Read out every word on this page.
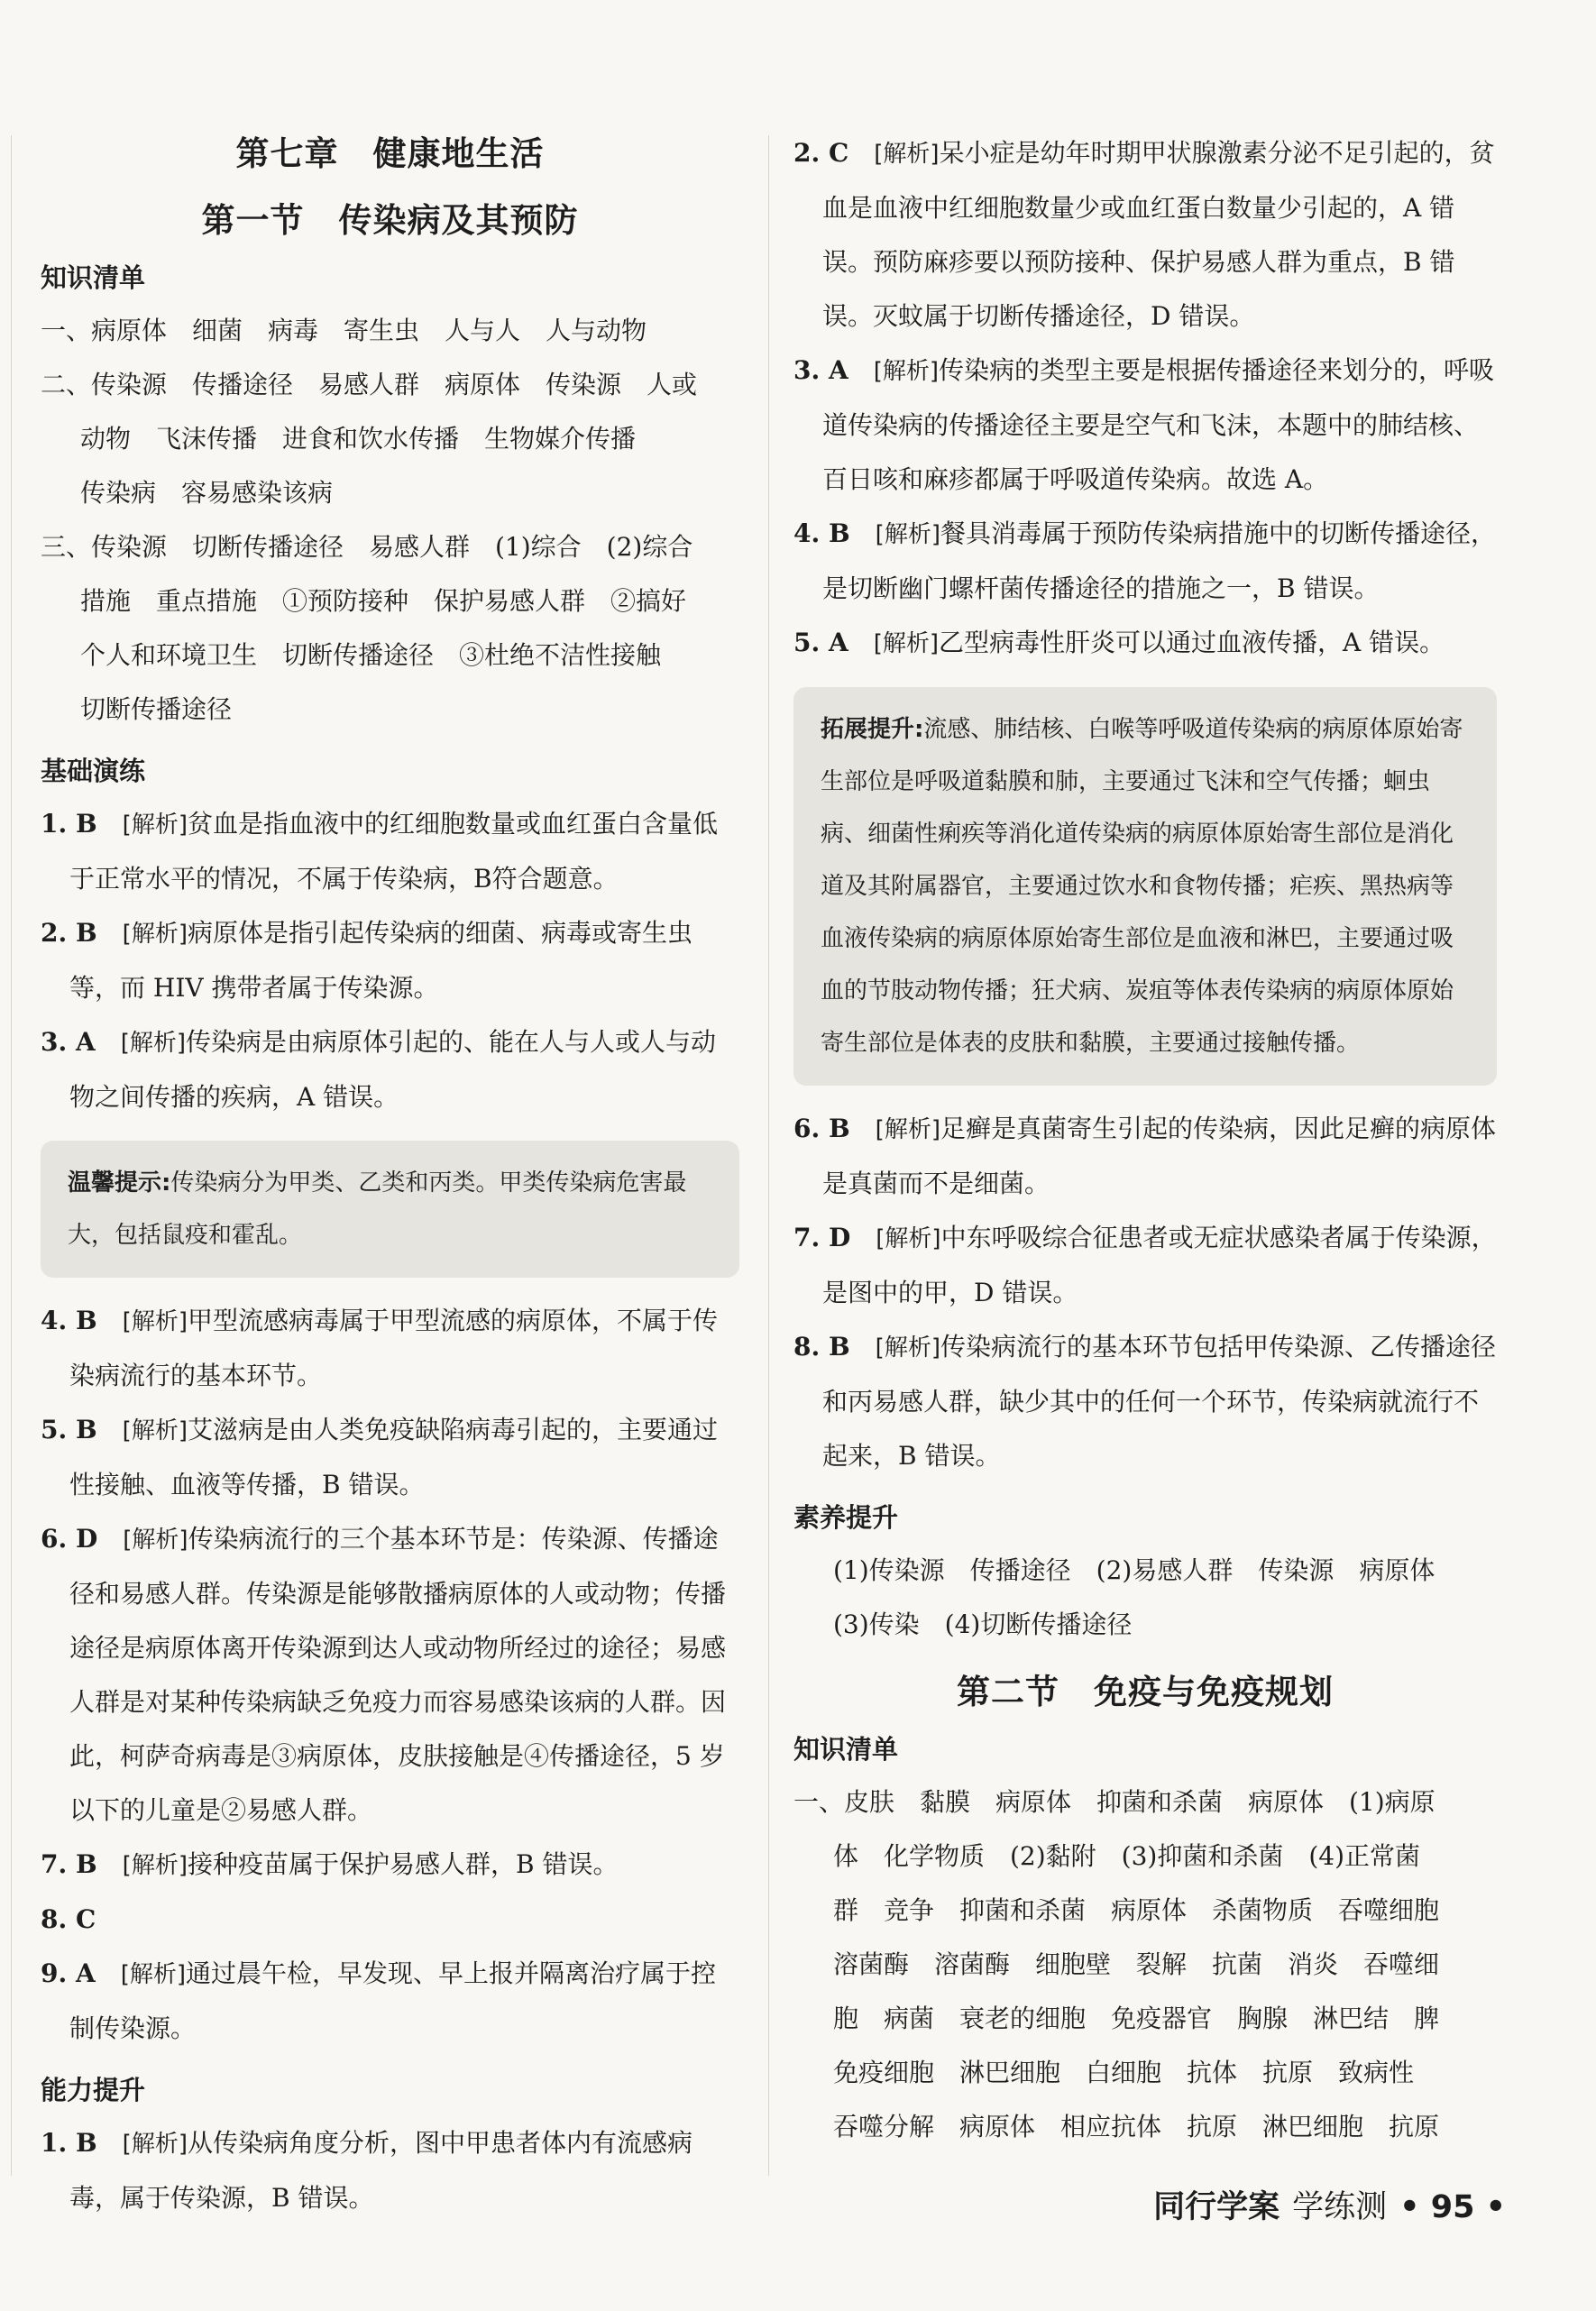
第七章　健康地生活
第一节　传染病及其预防
知识清单

一、病原体　细菌　病毒　寄生虫　人与人　人与动物

二、传染源　传播途径　易感人群　病原体　传染源　人或

动物　飞沫传播　进食和饮水传播　生物媒介传播

传染病　容易感染该病

三、传染源　切断传播途径　易感人群　(1)综合　(2)综合

措施　重点措施　①预防接种　保护易感人群　②搞好

个人和环境卫生　切断传播途径　③杜绝不洁性接触

切断传播途径

基础演练

1. B　 [解析]贫血是指血液中的红细胞数量或血红蛋白含量低于正常水平的情况，不属于传染病，B符合题意。

2. B　 [解析]病原体是指引起传染病的细菌、病毒或寄生虫等，而 HIV 携带者属于传染源。

3. A　 [解析]传染病是由病原体引起的、能在人与人或人与动物之间传播的疾病，A 错误。

温馨提示:传染病分为甲类、乙类和丙类。甲类传染病危害最大，包括鼠疫和霍乱。

4. B　 [解析]甲型流感病毒属于甲型流感的病原体，不属于传染病流行的基本环节。

5. B　 [解析]艾滋病是由人类免疫缺陷病毒引起的，主要通过性接触、血液等传播，B 错误。

6. D　 [解析]传染病流行的三个基本环节是：传染源、传播途径和易感人群。传染源是能够散播病原体的人或动物；传播途径是病原体离开传染源到达人或动物所经过的途径；易感人群是对某种传染病缺乏免疫力而容易感染该病的人群。因此，柯萨奇病毒是③病原体，皮肤接触是④传播途径，5 岁以下的儿童是②易感人群。

7. B　 [解析]接种疫苗属于保护易感人群，B 错误。

8. C

9. A　 [解析]通过晨午检，早发现、早上报并隔离治疗属于控制传染源。

能力提升

1. B　 [解析]从传染病角度分析，图中甲患者体内有流感病毒，属于传染源，B 错误。

2. C　 [解析]呆小症是幼年时期甲状腺激素分泌不足引起的，贫血是血液中红细胞数量少或血红蛋白数量少引起的，A 错误。预防麻疹要以预防接种、保护易感人群为重点，B 错误。灭蚊属于切断传播途径，D 错误。

3. A　 [解析]传染病的类型主要是根据传播途径来划分的，呼吸道传染病的传播途径主要是空气和飞沫，本题中的肺结核、百日咳和麻疹都属于呼吸道传染病。故选 A。

4. B　 [解析]餐具消毒属于预防传染病措施中的切断传播途径，是切断幽门螺杆菌传播途径的措施之一，B 错误。

5. A　 [解析]乙型病毒性肝炎可以通过血液传播，A 错误。

拓展提升:流感、肺结核、白喉等呼吸道传染病的病原体原始寄生部位是呼吸道黏膜和肺，主要通过飞沫和空气传播；蛔虫病、细菌性痢疾等消化道传染病的病原体原始寄生部位是消化道及其附属器官，主要通过饮水和食物传播；疟疾、黑热病等血液传染病的病原体原始寄生部位是血液和淋巴，主要通过吸血的节肢动物传播；狂犬病、炭疽等体表传染病的病原体原始寄生部位是体表的皮肤和黏膜，主要通过接触传播。

6. B　 [解析]足癣是真菌寄生引起的传染病，因此足癣的病原体是真菌而不是细菌。

7. D　 [解析]中东呼吸综合征患者或无症状感染者属于传染源，是图中的甲，D 错误。

8. B　 [解析]传染病流行的基本环节包括甲传染源、乙传播途径和丙易感人群，缺少其中的任何一个环节，传染病就流行不起来，B 错误。

素养提升

(1)传染源　传播途径　(2)易感人群　传染源　病原体

(3)传染　(4)切断传播途径

第二节　免疫与免疫规划
知识清单

一、皮肤　黏膜　病原体　抑菌和杀菌　病原体　(1)病原

体　化学物质　(2)黏附　(3)抑菌和杀菌　(4)正常菌

群　竞争　抑菌和杀菌　病原体　杀菌物质　吞噬细胞

溶菌酶　溶菌酶　细胞壁　裂解　抗菌　消炎　吞噬细

胞　病菌　衰老的细胞　免疫器官　胸腺　淋巴结　脾

免疫细胞　淋巴细胞　白细胞　抗体　抗原　致病性

吞噬分解　病原体　相应抗体　抗原　淋巴细胞　抗原

同行学案 学练测 • 95 •
